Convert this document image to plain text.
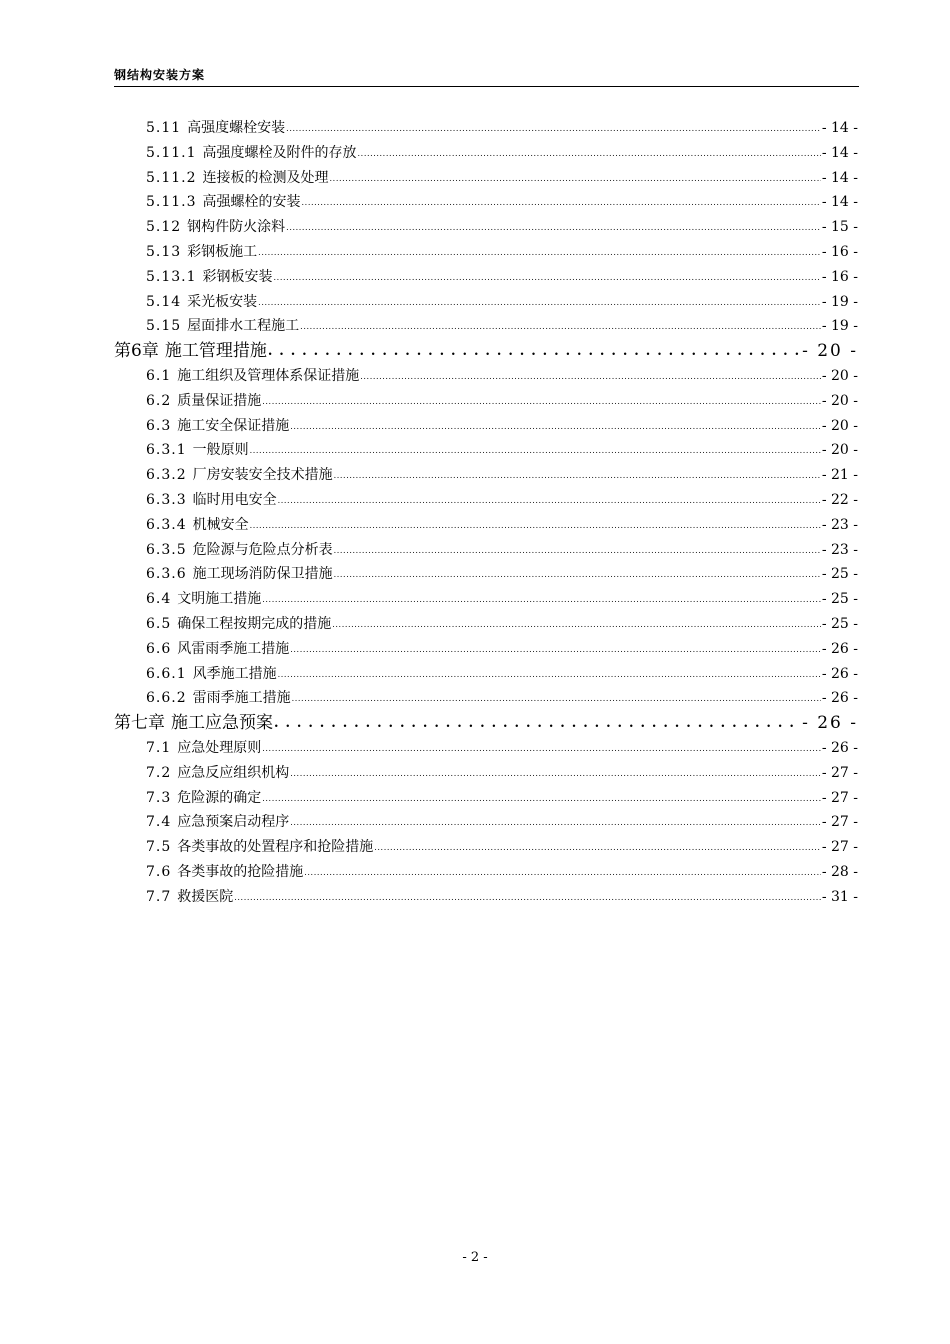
钢结构安装方案
5.11 高强度螺栓安装 .....	- 14 -
5.11.1 高强度螺栓及附件的存放 .....	- 14 -
5.11.2 连接板的检测及处理 .....	- 14 -
5.11.3 高强螺栓的安装 .....	- 14 -
5.12 钢构件防火涂料 .....	- 15 -
5.13 彩钢板施工 .....	- 16 -
5.13.1 彩钢板安装 .....	- 16 -
5.14 采光板安装 .....	- 19 -
5.15 屋面排水工程施工 .....	- 19 -
第6章 施工管理措施 . . .	- 20 -
6.1 施工组织及管理体系保证措施 .....	- 20 -
6.2 质量保证措施 .....	- 20 -
6.3 施工安全保证措施 .....	- 20 -
6.3.1 一般原则 .....	- 20 -
6.3.2 厂房安装安全技术措施 .....	- 21 -
6.3.3 临时用电安全 .....	- 22 -
6.3.4 机械安全 .....	- 23 -
6.3.5 危险源与危险点分析表 .....	- 23 -
6.3.6 施工现场消防保卫措施 .....	- 25 -
6.4 文明施工措施 .....	- 25 -
6.5 确保工程按期完成的措施 .....	- 25 -
6.6 风雷雨季施工措施 .....	- 26 -
6.6.1 风季施工措施 .....	- 26 -
6.6.2 雷雨季施工措施 .....	- 26 -
第七章 施工应急预案 . . .	- 26 -
7.1 应急处理原则 .....	- 26 -
7.2 应急反应组织机构 .....	- 27 -
7.3 危险源的确定 .....	- 27 -
7.4 应急预案启动程序 .....	- 27 -
7.5 各类事故的处置程序和抢险措施 .....	- 27 -
7.6 各类事故的抢险措施 .....	- 28 -
7.7 救援医院 .....	- 31 -
- 2 -
